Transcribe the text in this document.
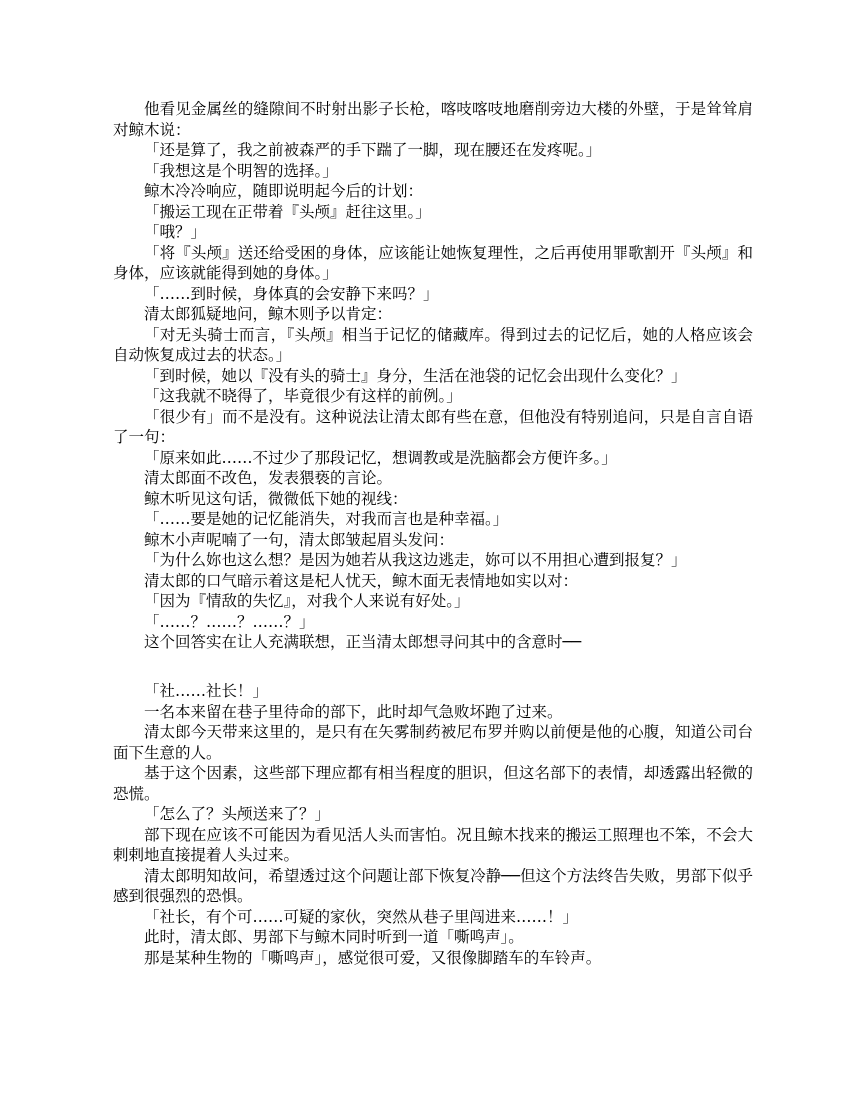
他看见金属丝的缝隙间不时射出影子长枪，喀吱喀吱地磨削旁边大楼的外壁，于是耸耸肩对鲸木说：

「还是算了，我之前被森严的手下踹了一脚，现在腰还在发疼呢。」

「我想这是个明智的选择。」

鲸木冷冷响应，随即说明起今后的计划：

「搬运工现在正带着『头颅』赶往这里。」

「哦？」

「将『头颅』送还给受困的身体，应该能让她恢复理性，之后再使用罪歌割开『头颅』和身体，应该就能得到她的身体。」

「……到时候，身体真的会安静下来吗？」

清太郎狐疑地问，鲸木则予以肯定：

「对无头骑士而言，『头颅』相当于记忆的储藏库。得到过去的记忆后，她的人格应该会自动恢复成过去的状态。」

「到时候，她以『没有头的骑士』身分，生活在池袋的记忆会出现什么变化？」

「这我就不晓得了，毕竟很少有这样的前例。」

「很少有」而不是没有。这种说法让清太郎有些在意，但他没有特别追问，只是自言自语了一句：

「原来如此……不过少了那段记忆，想调教或是洗脑都会方便许多。」

清太郎面不改色，发表猥亵的言论。

鲸木听见这句话，微微低下她的视线：

「……要是她的记忆能消失，对我而言也是种幸福。」

鲸木小声呢喃了一句，清太郎皱起眉头发问：

「为什么妳也这么想？是因为她若从我这边逃走，妳可以不用担心遭到报复？」

清太郎的口气暗示着这是杞人忧天，鲸木面无表情地如实以对：

「因为『情敌的失忆』，对我个人来说有好处。」

「……？……？……？」

这个回答实在让人充满联想，正当清太郎想寻问其中的含意时──

「社……社长！」

一名本来留在巷子里待命的部下，此时却气急败坏跑了过来。

清太郎今天带来这里的，是只有在矢雾制药被尼布罗并购以前便是他的心腹，知道公司台面下生意的人。

基于这个因素，这些部下理应都有相当程度的胆识，但这名部下的表情，却透露出轻微的恐慌。

「怎么了？头颅送来了？」

部下现在应该不可能因为看见活人头而害怕。况且鲸木找来的搬运工照理也不笨，不会大剌剌地直接提着人头过来。

清太郎明知故问，希望透过这个问题让部下恢复冷静──但这个方法终告失败，男部下似乎感到很强烈的恐惧。

「社长，有个可……可疑的家伙，突然从巷子里闯进来……！」

此时，清太郎、男部下与鲸木同时听到一道「嘶鸣声」。

那是某种生物的「嘶鸣声」，感觉很可爱，又很像脚踏车的车铃声。
